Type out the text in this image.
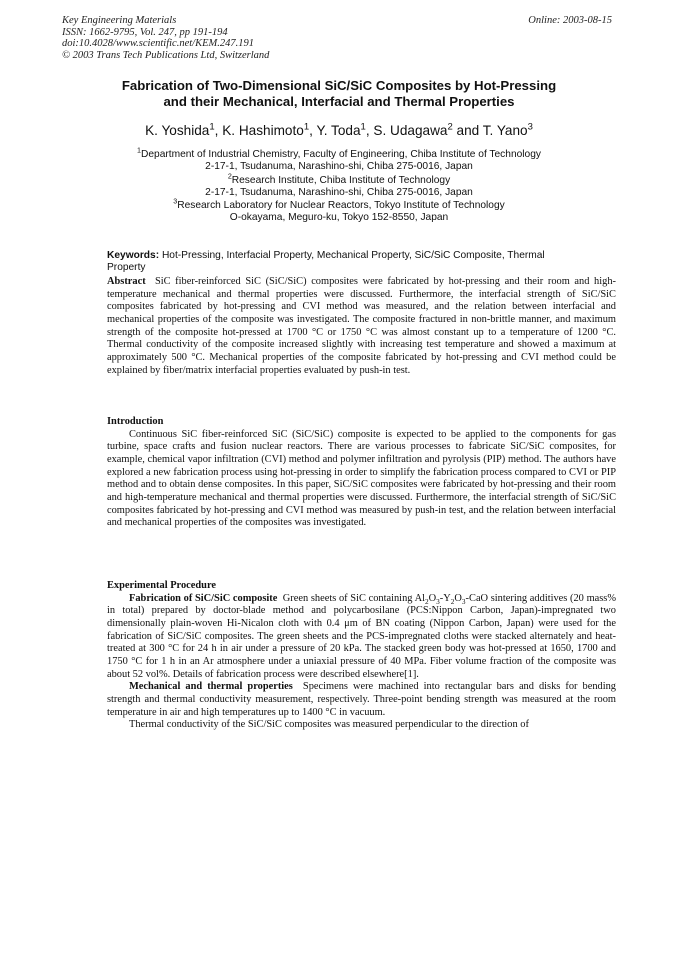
Key Engineering Materials
ISSN: 1662-9795, Vol. 247, pp 191-194
doi:10.4028/www.scientific.net/KEM.247.191
© 2003 Trans Tech Publications Ltd, Switzerland
Online: 2003-08-15
Fabrication of Two-Dimensional SiC/SiC Composites by Hot-Pressing
and their Mechanical, Interfacial and Thermal Properties
K. Yoshida$^1$, K. Hashimoto$^1$, Y. Toda$^1$, S. Udagawa$^2$ and T. Yano$^3$
$^1$Department of Industrial Chemistry, Faculty of Engineering, Chiba Institute of Technology
2-17-1, Tsudanuma, Narashino-shi, Chiba 275-0016, Japan
$^2$Research Institute, Chiba Institute of Technology
2-17-1, Tsudanuma, Narashino-shi, Chiba 275-0016, Japan
$^3$Research Laboratory for Nuclear Reactors, Tokyo Institute of Technology
O-okayama, Meguro-ku, Tokyo 152-8550, Japan
Keywords: Hot-Pressing, Interfacial Property, Mechanical Property, SiC/SiC Composite, Thermal Property

Abstract SiC fiber-reinforced SiC (SiC/SiC) composites were fabricated by hot-pressing and their room and high-temperature mechanical and thermal properties were discussed. Furthermore, the interfacial strength of SiC/SiC composites fabricated by hot-pressing and CVI method was measured, and the relation between interfacial and mechanical properties of the composite was investigated. The composite fractured in non-brittle manner, and maximum strength of the composite hot-pressed at 1700 °C or 1750 °C was almost constant up to a temperature of 1200 °C. Thermal conductivity of the composite increased slightly with increasing test temperature and showed a maximum at approximately 500 °C. Mechanical properties of the composite fabricated by hot-pressing and CVI method could be explained by fiber/matrix interfacial properties evaluated by push-in test.

Introduction

Continuous SiC fiber-reinforced SiC (SiC/SiC) composite is expected to be applied to the components for gas turbine, space crafts and fusion nuclear reactors. There are various processes to fabricate SiC/SiC composites, for example, chemical vapor infiltration (CVI) method and polymer infiltration and pyrolysis (PIP) method. The authors have explored a new fabrication process using hot-pressing in order to simplify the fabrication process compared to CVI or PIP method and to obtain dense composites. In this paper, SiC/SiC composites were fabricated by hot-pressing and their room and high-temperature mechanical and thermal properties were discussed. Furthermore, the interfacial strength of SiC/SiC composites fabricated by hot-pressing and CVI method was measured by push-in test, and the relation between interfacial and mechanical properties of the composites was investigated.

Experimental Procedure

Fabrication of SiC/SiC composite Green sheets of SiC containing $Al_2O_3-Y_2O_3$-CaO sintering additives (20 mass% in total) prepared by doctor-blade method and polycarbosilane (PCS:Nippon Carbon, Japan)-impregnated two dimensionally plain-woven Hi-Nicalon cloth with 0.4 μm of BN coating (Nippon Carbon, Japan) were used for the fabrication of SiC/SiC composites. The green sheets and the PCS-impregnated cloths were stacked alternately and heat-treated at 300 °C for 24 h in air under a pressure of 20 kPa. The stacked green body was hot-pressed at 1650, 1700 and 1750 °C for 1 h in an Ar atmosphere under a uniaxial pressure of 40 MPa. Fiber volume fraction of the composite was about 52 vol%. Details of fabrication process were described elsewhere[1].

Mechanical and thermal properties Specimens were machined into rectangular bars and disks for bending strength and thermal conductivity measurement, respectively. Three-point bending strength was measured at the room temperature in air and high temperatures up to 1400 °C in vacuum.

Thermal conductivity of the SiC/SiC composites was measured perpendicular to the direction of
